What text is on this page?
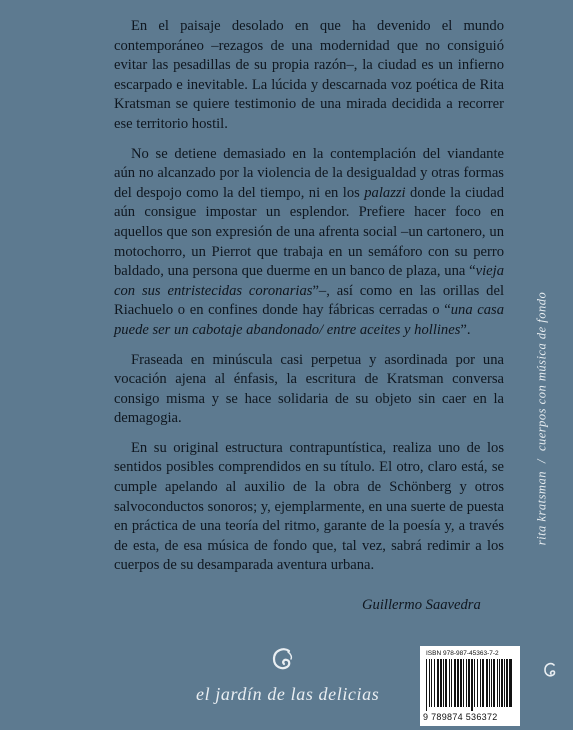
En el paisaje desolado en que ha devenido el mundo contemporáneo –rezagos de una modernidad que no consiguió evitar las pesadillas de su propia razón–, la ciudad es un infierno escarpado e inevitable. La lúcida y descarnada voz poética de Rita Kratsman se quiere testimonio de una mirada decidida a recorrer ese territorio hostil.

No se detiene demasiado en la contemplación del viandante aún no alcanzado por la violencia de la desigualdad y otras formas del despojo como la del tiempo, ni en los palazzi donde la ciudad aún consigue impostar un esplendor. Prefiere hacer foco en aquellos que son expresión de una afrenta social –un cartonero, un motochorro, un Pierrot que trabaja en un semáforo con su perro baldado, una persona que duerme en un banco de plaza, una “vieja con sus entristecidas coronarias”–, así como en las orillas del Riachuelo o en confines donde hay fábricas cerradas o “una casa puede ser un cabotaje abandonado/ entre aceites y hollines”.

Fraseada en minúscula casi perpetua y asordinada por una vocación ajena al énfasis, la escritura de Kratsman conversa consigo misma y se hace solidaria de su objeto sin caer en la demagogia.

En su original estructura contrapuntística, realiza uno de los sentidos posibles comprendidos en su título. El otro, claro está, se cumple apelando al auxilio de la obra de Schönberg y otros salvoconductos sonoros; y, ejemplarmente, en una suerte de puesta en práctica de una teoría del ritmo, garante de la poesía y, a través de esta, de esa música de fondo que, tal vez, sabrá redimir a los cuerpos de su desamparada aventura urbana.

Guillermo Saavedra
rita kratsman/cuerpos con música de fondo
el jardín de las delicias
ISBN 978-987-45363-7-2
9 789874 536372
